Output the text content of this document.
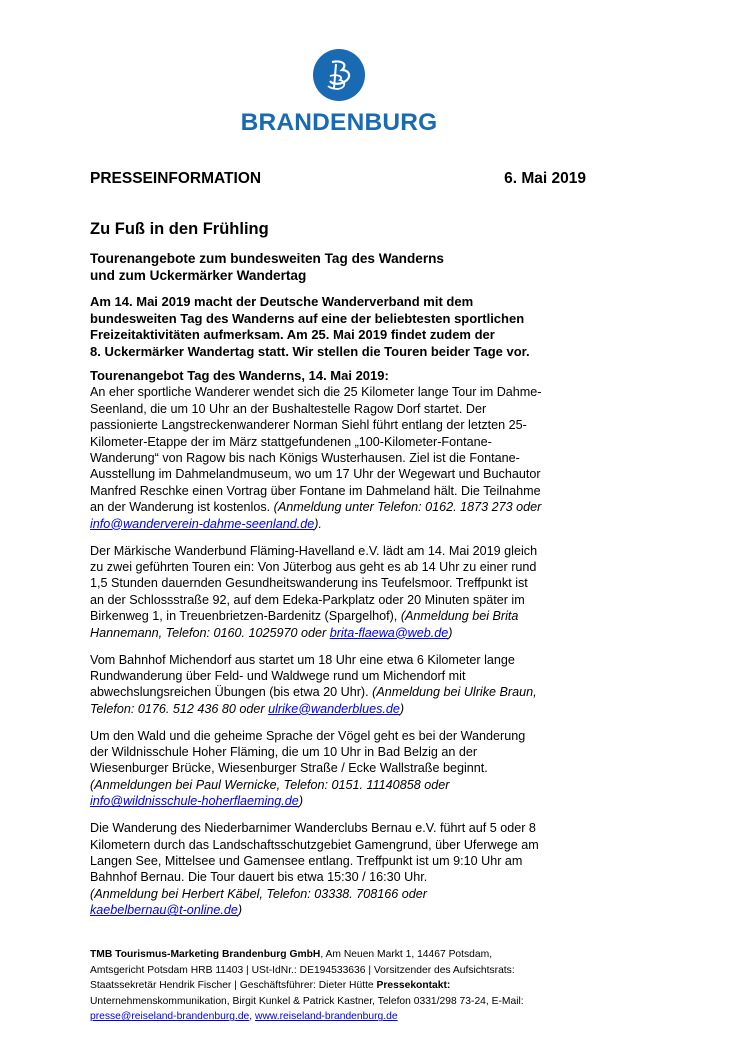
BRANDENBURG
PRESSEINFORMATION	6. Mai 2019
Zu Fuß in den Frühling
Tourenangebote zum bundesweiten Tag des Wanderns
und zum Uckermärker Wandertag
Am 14. Mai 2019 macht der Deutsche Wanderverband mit dem
bundesweiten Tag des Wanderns auf eine der beliebtesten sportlichen
Freizeitaktivitäten aufmerksam. Am 25. Mai 2019 findet zudem der
8. Uckermärker Wandertag statt. Wir stellen die Touren beider Tage vor.

Tourenangebot Tag des Wanderns, 14. Mai 2019:
An eher sportliche Wanderer wendet sich die 25 Kilometer lange Tour im Dahme-
Seenland, die um 10 Uhr an der Bushaltestelle Ragow Dorf startet. Der
passionierte Langstreckenwanderer Norman Siehl führt entlang der letzten 25-
Kilometer-Etappe der im März stattgefundenen „100-Kilometer-Fontane-
Wanderung“ von Ragow bis nach Königs Wusterhausen. Ziel ist die Fontane-
Ausstellung im Dahmelandmuseum, wo um 17 Uhr der Wegewart und Buchautor
Manfred Reschke einen Vortrag über Fontane im Dahmeland hält. Die Teilnahme
an der Wanderung ist kostenlos. (Anmeldung unter Telefon: 0162. 1873 273 oder
info@wanderverein-dahme-seenland.de).

Der Märkische Wanderbund Fläming-Havelland e.V. lädt am 14. Mai 2019 gleich
zu zwei geführten Touren ein: Von Jüterbog aus geht es ab 14 Uhr zu einer rund
1,5 Stunden dauernden Gesundheitswanderung ins Teufelsmoor. Treffpunkt ist
an der Schlossstraße 92, auf dem Edeka-Parkplatz oder 20 Minuten später im
Birkenweg 1, in Treuenbrietzen-Bardenitz (Spargelhof), (Anmeldung bei Brita
Hannemann, Telefon: 0160. 1025970 oder brita-flaewa@web.de)

Vom Bahnhof Michendorf aus startet um 18 Uhr eine etwa 6 Kilometer lange
Rundwanderung über Feld- und Waldwege rund um Michendorf mit
abwechslungsreichen Übungen (bis etwa 20 Uhr). (Anmeldung bei Ulrike Braun,
Telefon: 0176. 512 436 80 oder ulrike@wanderblues.de)

Um den Wald und die geheime Sprache der Vögel geht es bei der Wanderung
der Wildnisschule Hoher Fläming, die um 10 Uhr in Bad Belzig an der
Wiesenburger Brücke, Wiesenburger Straße / Ecke Wallstraße beginnt.
(Anmeldungen bei Paul Wernicke, Telefon: 0151. 11140858 oder
info@wildnisschule-hoherflaeming.de)

Die Wanderung des Niederbarnimer Wanderclubs Bernau e.V. führt auf 5 oder 8
Kilometern durch das Landschaftsschutzgebiet Gamengrund, über Uferwege am
Langen See, Mittelsee und Gamensee entlang. Treffpunkt ist um 9:10 Uhr am
Bahnhof Bernau. Die Tour dauert bis etwa 15:30 / 16:30 Uhr.
(Anmeldung bei Herbert Käbel, Telefon: 03338. 708166 oder
kaebelbernau@t-online.de)

TMB Tourismus-Marketing Brandenburg GmbH, Am Neuen Markt 1, 14467 Potsdam,
Amtsgericht Potsdam HRB 11403 | USt-IdNr.: DE194533636 | Vorsitzender des Aufsichtsrats:
Staatssekretär Hendrik Fischer | Geschäftsführer: Dieter Hütte Pressekontakt:
Unternehmenskommunikation, Birgit Kunkel & Patrick Kastner, Telefon 0331/298 73-24, E-Mail:
presse@reiseland-brandenburg.de, www.reiseland-brandenburg.de
